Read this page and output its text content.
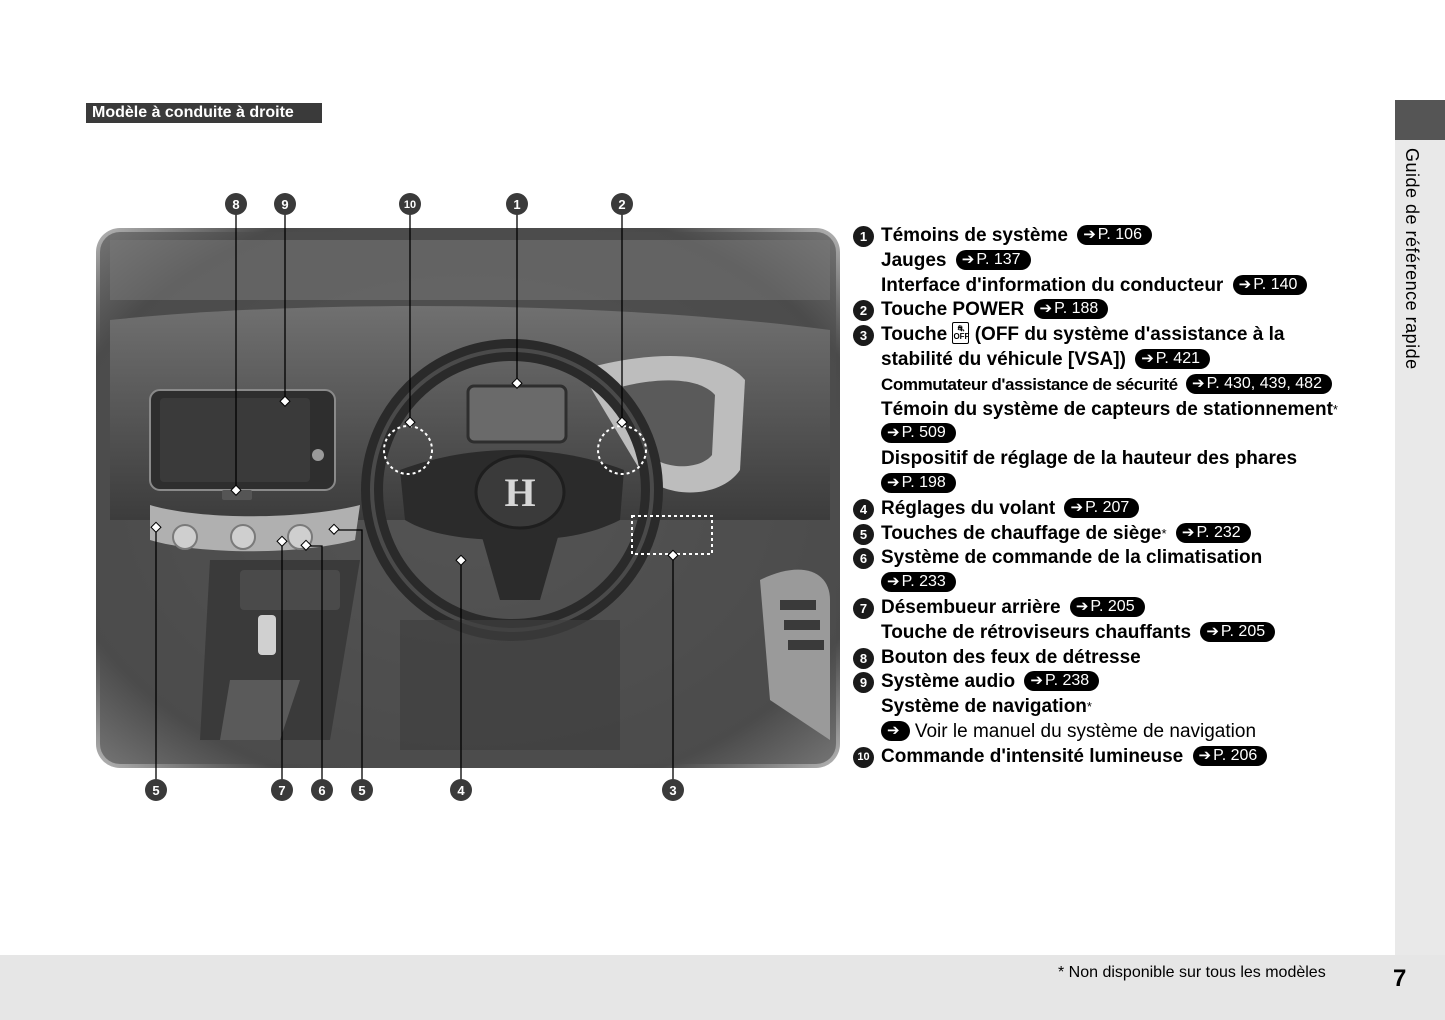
Modèle à conduite à droite
Guide de référence rapide
H
8	9	10	1	2
5	7	6	5	4	3
1 Témoins de système ➔ P. 106
Jauges ➔ P. 137
Interface d'information du conducteur ➔ P. 140
2 Touche POWER ➔ P. 188
3 Touche ⛐
OFF (OFF du système d'assistance à la
stabilité du véhicule [VSA]) ➔ P. 421
Commutateur d'assistance de sécurité ➔ P. 430, 439, 482
Témoin du système de capteurs de stationnement*
➔ P. 509
Dispositif de réglage de la hauteur des phares
➔ P. 198
4 Réglages du volant ➔ P. 207
5 Touches de chauffage de siège* ➔ P. 232
6 Système de commande de la climatisation
➔ P. 233
7 Désembueur arrière ➔ P. 205
Touche de rétroviseurs chauffants ➔ P. 205
8 Bouton des feux de détresse
9 Système audio ➔ P. 238
Système de navigation*
➔ Voir le manuel du système de navigation
10 Commande d'intensité lumineuse ➔ P. 206
* Non disponible sur tous les modèles	7
